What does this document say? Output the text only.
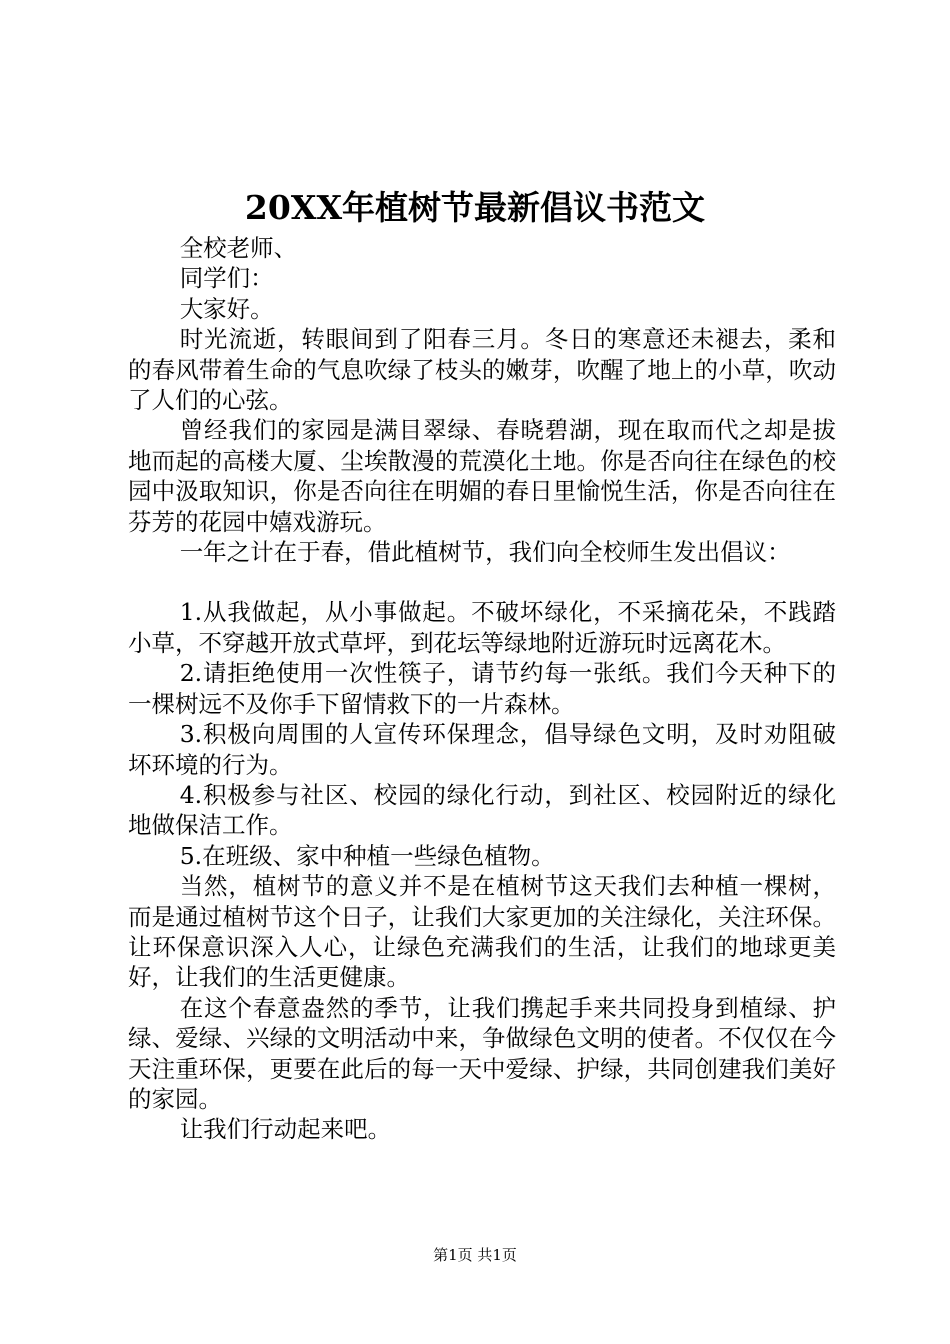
20XX年植树节最新倡议书范文

全校老师、

同学们：

大家好。

时光流逝，转眼间到了阳春三月。冬日的寒意还未褪去，柔和的春风带着生命的气息吹绿了枝头的嫩芽，吹醒了地上的小草，吹动了人们的心弦。

曾经我们的家园是满目翠绿、春晓碧湖，现在取而代之却是拔地而起的高楼大厦、尘埃散漫的荒漠化土地。你是否向往在绿色的校园中汲取知识，你是否向往在明媚的春日里愉悦生活，你是否向往在芬芳的花园中嬉戏游玩。

一年之计在于春，借此植树节，我们向全校师生发出倡议：

1.从我做起，从小事做起。不破坏绿化，不采摘花朵，不践踏小草，不穿越开放式草坪，到花坛等绿地附近游玩时远离花木。

2.请拒绝使用一次性筷子，请节约每一张纸。我们今天种下的一棵树远不及你手下留情救下的一片森林。

3.积极向周围的人宣传环保理念，倡导绿色文明，及时劝阻破坏环境的行为。

4.积极参与社区、校园的绿化行动，到社区、校园附近的绿化地做保洁工作。

5.在班级、家中种植一些绿色植物。

当然，植树节的意义并不是在植树节这天我们去种植一棵树，而是通过植树节这个日子，让我们大家更加的关注绿化，关注环保。让环保意识深入人心，让绿色充满我们的生活，让我们的地球更美好，让我们的生活更健康。

在这个春意盎然的季节，让我们携起手来共同投身到植绿、护绿、爱绿、兴绿的文明活动中来，争做绿色文明的使者。不仅仅在今天注重环保，更要在此后的每一天中爱绿、护绿，共同创建我们美好的家园。

让我们行动起来吧。

第1页 共1页
